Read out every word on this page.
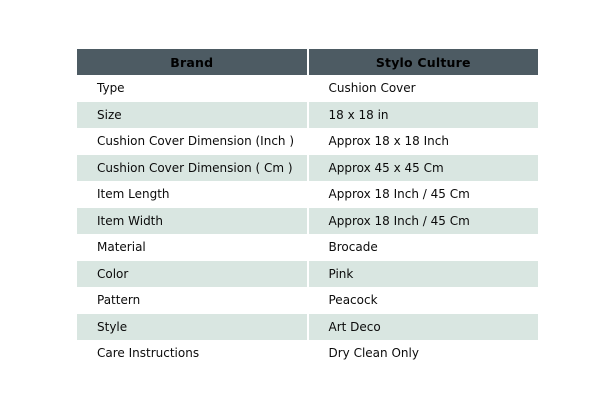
Brand	Stylo Culture
Type	Cushion Cover
Size	18 x 18 in
Cushion Cover Dimension (Inch )	Approx 18 x 18 Inch
Cushion Cover Dimension ( Cm )	Approx 45 x 45 Cm
Item Length	Approx 18 Inch / 45 Cm
Item Width	Approx 18 Inch / 45 Cm
Material	Brocade
Color	Pink
Pattern	Peacock
Style	Art Deco
Care Instructions	Dry Clean Only
